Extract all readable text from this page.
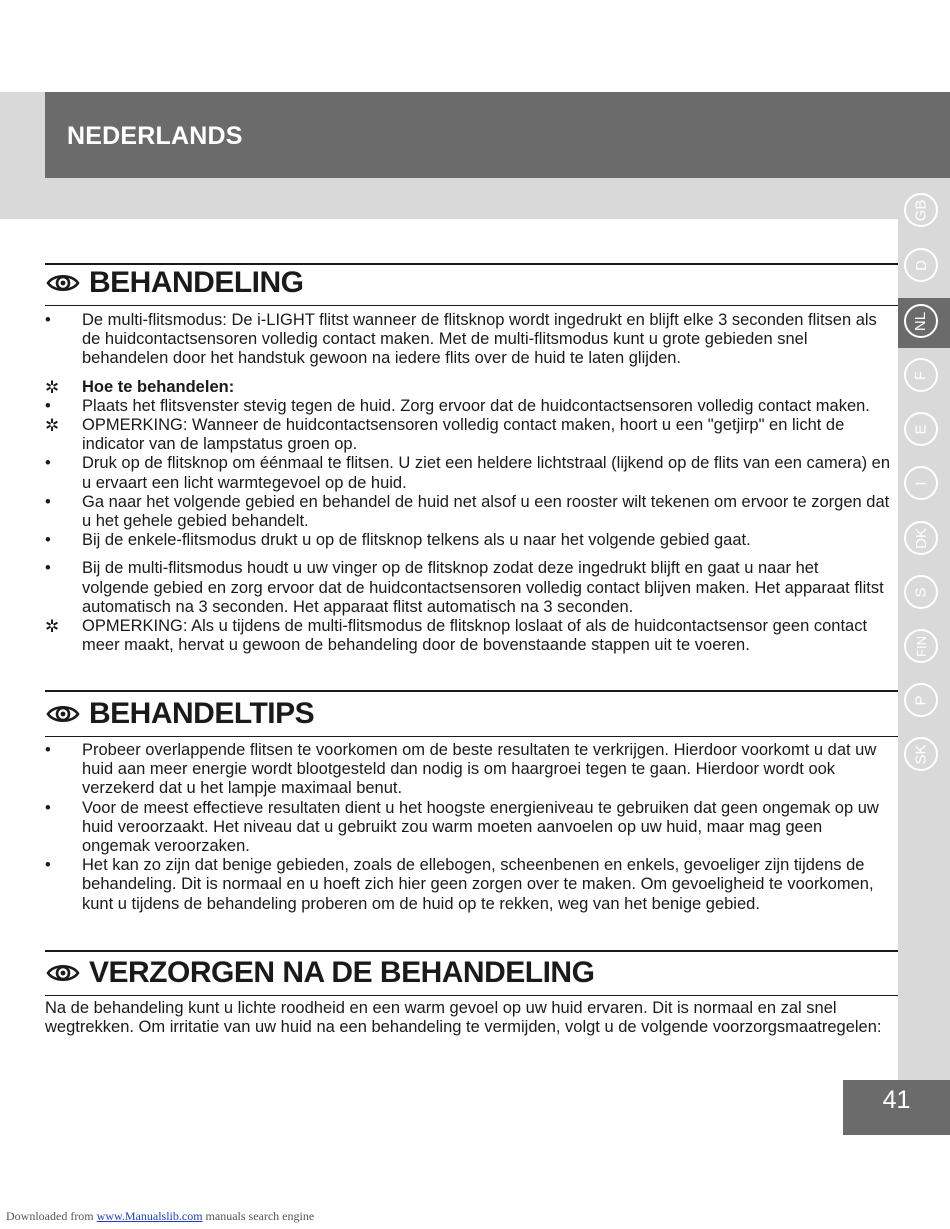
NEDERLANDS
GB
D
NL
F
E
I
DK
S
FIN
P
SK
BEHANDELING
•	De multi-flitsmodus: De i-LIGHT flitst wanneer de flitsknop wordt ingedrukt en blijft elke 3 seconden flitsen als de huidcontactsensoren volledig contact maken. Met de multi-flitsmodus kunt u grote gebieden snel behandelen door het handstuk gewoon na iedere flits over de huid te laten glijden.
✲	Hoe te behandelen:
•	Plaats het flitsvenster stevig tegen de huid. Zorg ervoor dat de huidcontactsensoren volledig contact maken.
✲	OPMERKING: Wanneer de huidcontactsensoren volledig contact maken, hoort u een "getjirp" en licht de indicator van de lampstatus groen op.
•	Druk op de flitsknop om éénmaal te flitsen. U ziet een heldere lichtstraal (lijkend op de flits van een camera) en u ervaart een licht warmtegevoel op de huid.
•	Ga naar het volgende gebied en behandel de huid net alsof u een rooster wilt tekenen om ervoor te zorgen dat u het gehele gebied behandelt.
•	Bij de enkele-flitsmodus drukt u op de flitsknop telkens als u naar het volgende gebied gaat.
•	Bij de multi-flitsmodus houdt u uw vinger op de flitsknop zodat deze ingedrukt blijft en gaat u naar het volgende gebied en zorg ervoor dat de huidcontactsensoren volledig contact blijven maken. Het apparaat flitst automatisch na 3 seconden. Het apparaat flitst automatisch na 3 seconden.
✲	OPMERKING: Als u tijdens de multi-flitsmodus de flitsknop loslaat of als de huidcontactsensor geen contact meer maakt, hervat u gewoon de behandeling door de bovenstaande stappen uit te voeren.
BEHANDELTIPS
•	Probeer overlappende flitsen te voorkomen om de beste resultaten te verkrijgen. Hierdoor voorkomt u dat uw huid aan meer energie wordt blootgesteld dan nodig is om haargroei tegen te gaan. Hierdoor wordt ook verzekerd dat u het lampje maximaal benut.
•	Voor de meest effectieve resultaten dient u het hoogste energieniveau te gebruiken dat geen ongemak op uw huid veroorzaakt. Het niveau dat u gebruikt zou warm moeten aanvoelen op uw huid, maar mag geen ongemak veroorzaken.
•	Het kan zo zijn dat benige gebieden, zoals de ellebogen, scheenbenen en enkels, gevoeliger zijn tijdens de behandeling. Dit is normaal en u hoeft zich hier geen zorgen over te maken. Om gevoeligheid te voorkomen, kunt u tijdens de behandeling proberen om de huid op te rekken, weg van het benige gebied.
VERZORGEN NA DE BEHANDELING
Na de behandeling kunt u lichte roodheid en een warm gevoel op uw huid ervaren. Dit is normaal en zal snel wegtrekken. Om irritatie van uw huid na een behandeling te vermijden, volgt u de volgende voorzorgsmaatregelen:
41
Downloaded from www.Manualslib.com manuals search engine
